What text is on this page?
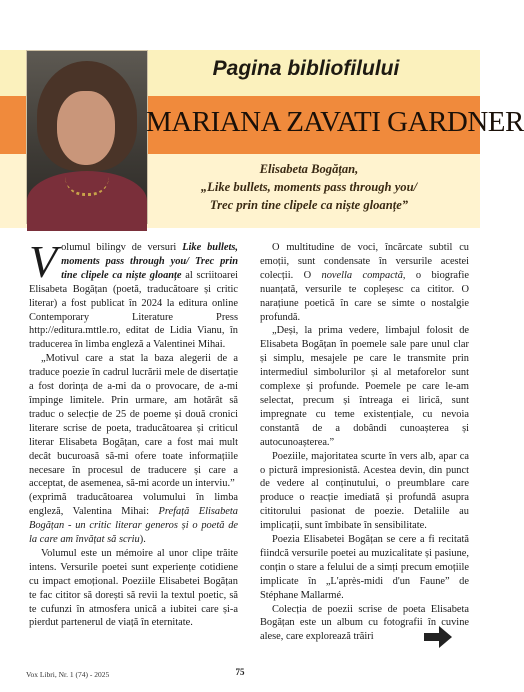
Pagina bibliofilului
MARIANA ZAVATI GARDNER
Elisabeta Bogățan,
„Like bullets, moments pass through you/
Trec prin tine clipele ca niște gloanțe”

Volumul bilingv de versuri Like bullets, moments pass through you/ Trec prin tine clipele ca niște gloanțe al scriitoarei Elisabeta Bogățan (poetă, traducătoare și critic literar) a fost publicat în 2024 la editura online Contemporary Literature Press http://editura.mttle.ro, editat de Lidia Vianu, în traducerea în limba engleză a Valentinei Mihai.

„Motivul care a stat la baza alegerii de a traduce poezie în cadrul lucrării mele de disertație a fost dorința de a-mi da o provocare, de a-mi împinge limitele. Prin urmare, am hotărât să traduc o selecție de 25 de poeme și două cronici literare scrise de poeta, traducătoarea și criticul literar Elisabeta Bogățan, care a fost mai mult decât bucuroasă să-mi ofere toate informațiile necesare în procesul de traducere și care a acceptat, de asemenea, să-mi acorde un interviu.”

(exprimă traducătoarea volumului în limba engleză, Valentina Mihai: Prefață Elisabeta Bogățan - un critic literar generos și o poetă de la care am învățat să scriu).

Volumul este un mémoire al unor clipe trăite intens. Versurile poetei sunt experiențe cotidiene cu impact emoțional. Poeziile Elisabetei Bogățan te fac cititor să dorești să revii la textul poetic, să te cufunzi în atmosfera unică a iubitei care și-a pierdut partenerul de viață în eternitate.

O multitudine de voci, încărcate subtil cu emoții, sunt condensate în versurile acestei colecții. O novella compactă, o biografie nuanțată, versurile te copleșesc ca cititor. O narațiune poetică în care se simte o nostalgie profundă.

„Deși, la prima vedere, limbajul folosit de Elisabeta Bogățan în poemele sale pare unul clar și simplu, mesajele pe care le transmite prin intermediul simbolurilor și al metaforelor sunt complexe și profunde. Poemele pe care le-am selectat, precum și întreaga ei lirică, sunt impregnate cu teme existențiale, cu nevoia constantă de a dobândi cunoașterea și autocunoașterea.”

Poeziile, majoritatea scurte în vers alb, apar ca o pictură impresionistă. Acestea devin, din punct de vedere al conținutului, o preumblare care produce o reacție imediată și profundă asupra cititorului pasionat de poezie. Detaliile au implicații, sunt îmbibate în sensibilitate.

Poezia Elisabetei Bogățan se cere a fi recitată fiindcă versurile poetei au muzicalitate și pasiune, conțin o stare a felului de a simți precum emoțiile implicate în „L'après-midi d'un Faune” de Stéphane Mallarmé.

Colecția de poezii scrise de poeta Elisabeta Bogățan este un album cu fotografii în cuvine alese, care explorează trăiri

Vox Libri, Nr. 1 (74) - 2025	75
